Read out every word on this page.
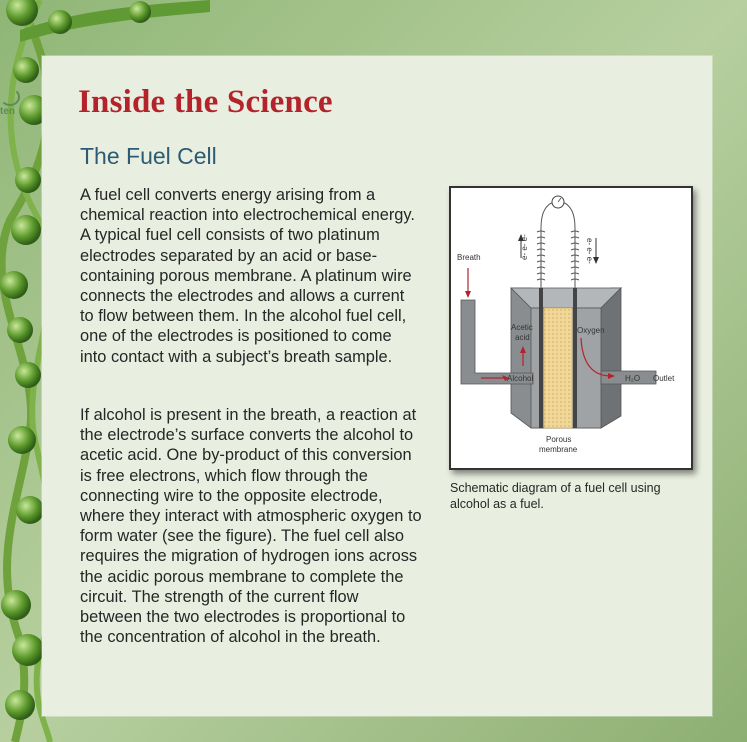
ten Inside the Science
The Fuel Cell

A fuel cell converts energy arising from a chemical reaction into electrochemical energy. A typical fuel cell consists of two platinum electrodes separated by an acid or base-containing porous membrane. A platinum wire connects the electrodes and allows a current to flow between them. In the alcohol fuel cell, one of the electrodes is positioned to come into contact with a subject’s breath sample.

If alcohol is present in the breath, a reaction at the electrode’s surface converts the alcohol to acetic acid. One by-product of this conversion is free electrons, which flow through the connecting wire to the opposite electrode, where they interact with atmospheric oxygen to form water (see the figure). The fuel cell also requires the migration of hydrogen ions across the acidic porous membrane to complete the circuit. The strength of the current flow between the two electrodes is proportional to the concentration of alcohol in the breath.

e- e- e-	e- e- e-
Breath
Acetic
acid
Oxygen
Alcohol	H₂O Outlet
Porous
membrane

Schematic diagram of a fuel cell using alcohol as a fuel.
